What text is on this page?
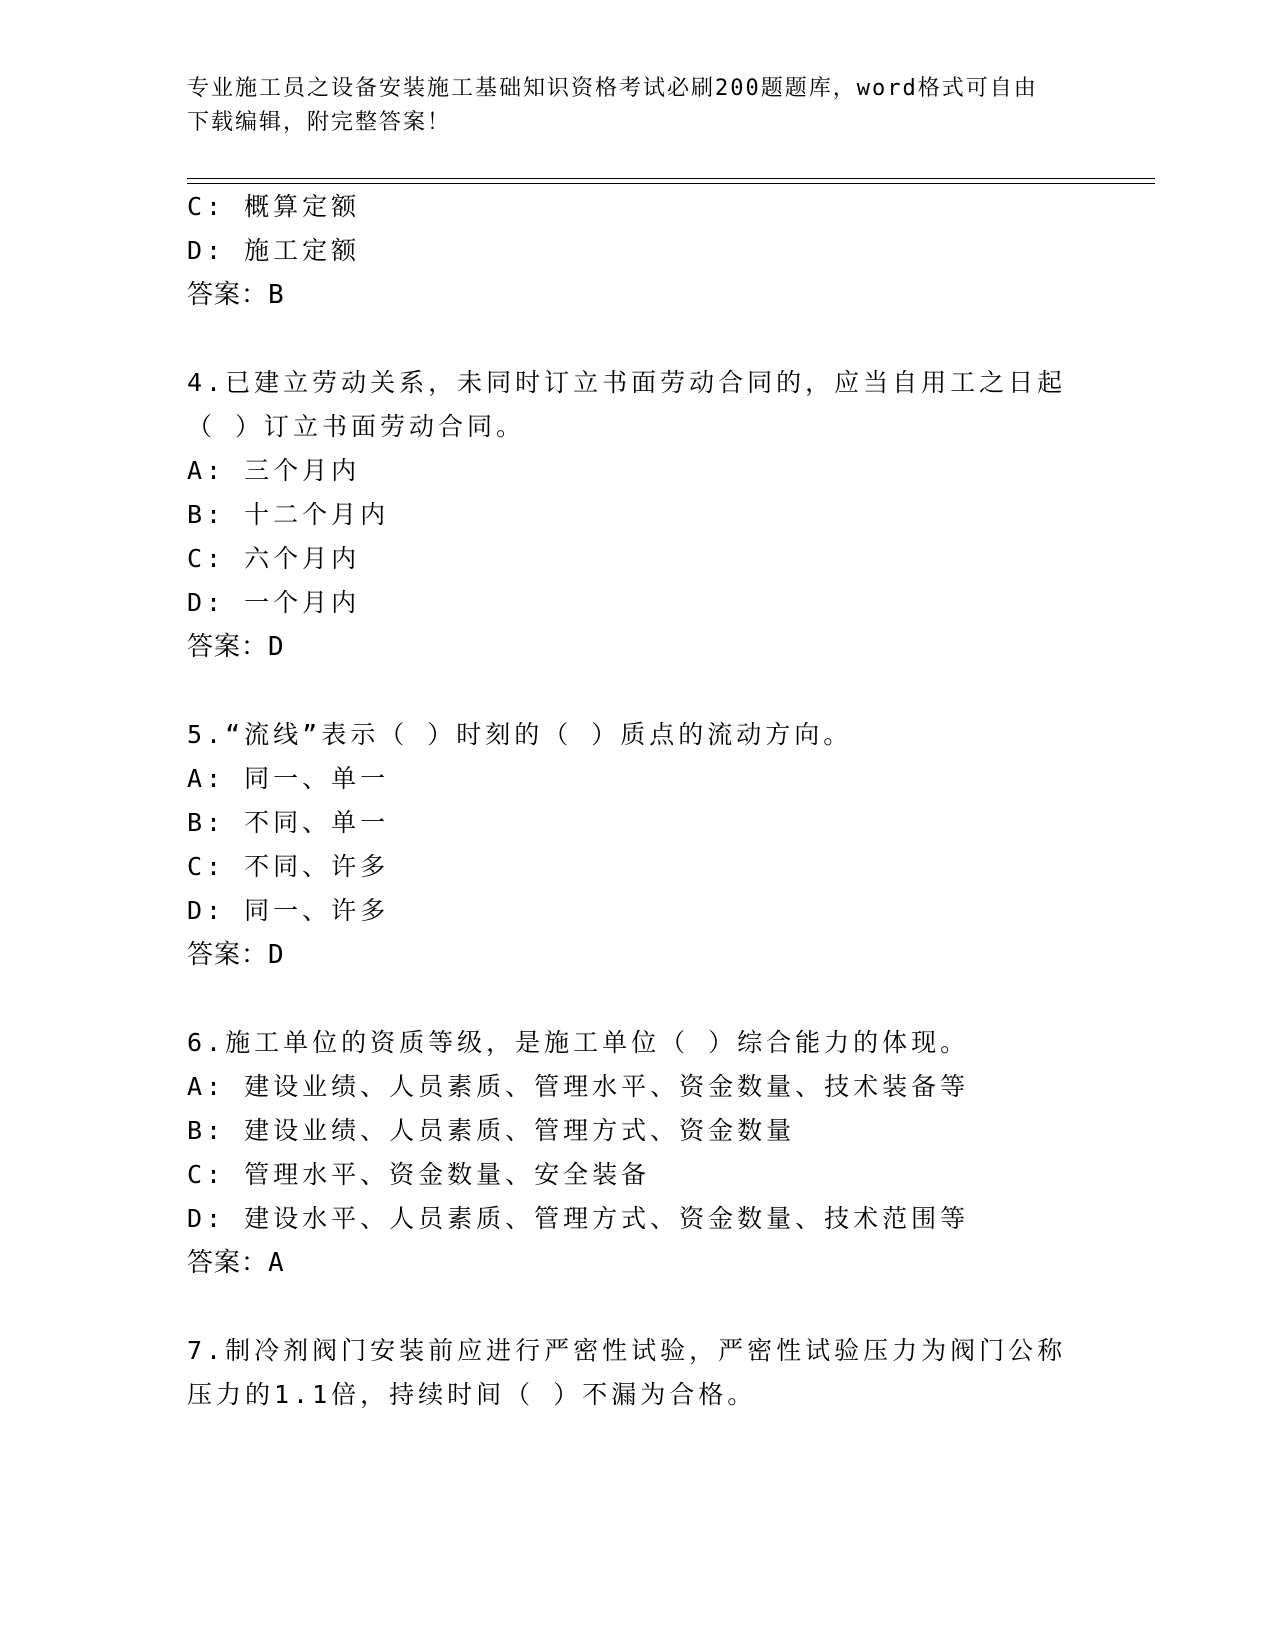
专业施工员之设备安装施工基础知识资格考试必刷200题题库，word格式可自由
下载编辑，附完整答案！
C: 概算定额
D: 施工定额
答案：B
4.已建立劳动关系，未同时订立书面劳动合同的，应当自用工之日起
（ ）订立书面劳动合同。
A: 三个月内
B: 十二个月内
C: 六个月内
D: 一个月内
答案：D
5.“流线”表示（ ）时刻的（ ）质点的流动方向。
A: 同一、单一
B: 不同、单一
C: 不同、许多
D: 同一、许多
答案：D
6.施工单位的资质等级，是施工单位（ ）综合能力的体现。
A: 建设业绩、人员素质、管理水平、资金数量、技术装备等
B: 建设业绩、人员素质、管理方式、资金数量
C: 管理水平、资金数量、安全装备
D: 建设水平、人员素质、管理方式、资金数量、技术范围等
答案：A
7.制冷剂阀门安装前应进行严密性试验，严密性试验压力为阀门公称
压力的1.1倍，持续时间（ ）不漏为合格。
